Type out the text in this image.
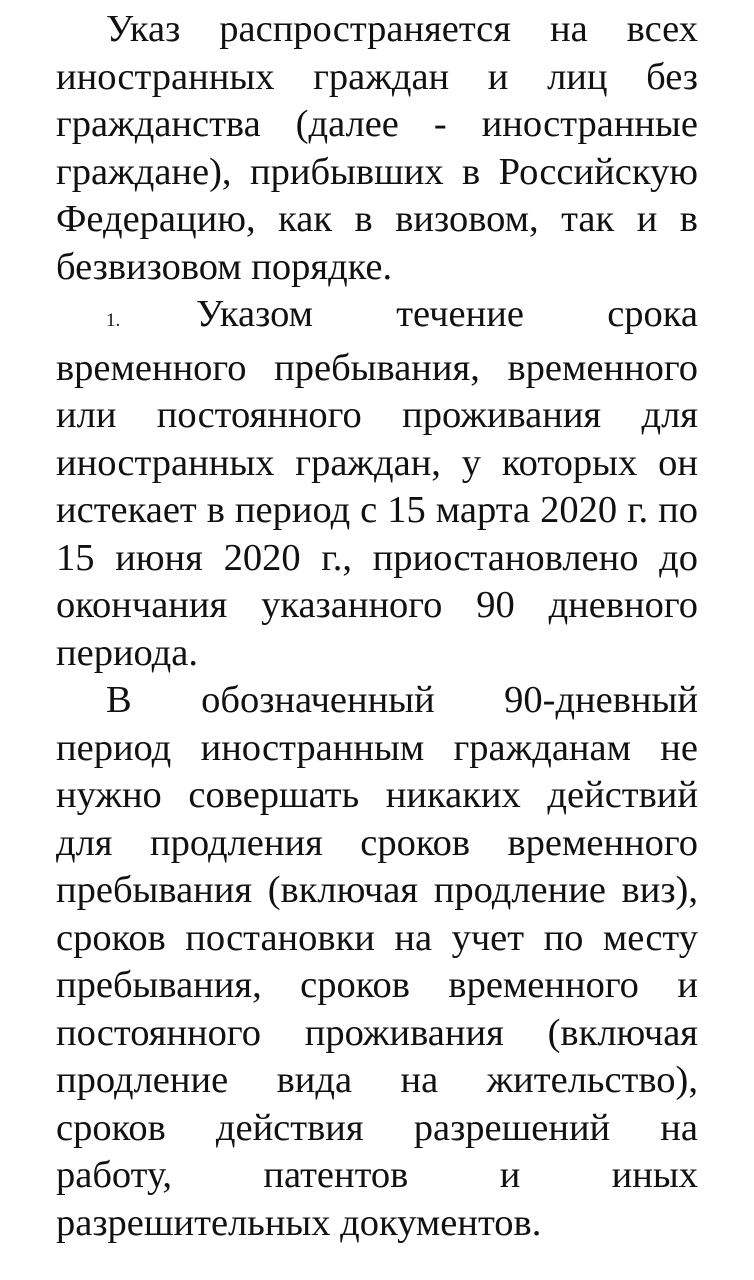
Указ распространяется на всех иностранных граждан и лиц без гражданства (далее - иностранные граждане), прибывших в Российскую Федерацию, как в визовом, так и в безвизовом порядке.

1. Указом течение срока

временного пребывания, временного или постоянного проживания для иностранных граждан, у которых он истекает в период с 15 марта 2020 г. по 15 июня 2020 г., приостановлено до окончания указанного 90 дневного периода.

В обозначенный 90-дневный период иностранным гражданам не нужно совершать никаких действий для продления сроков временного пребывания (включая продление виз), сроков постановки на учет по месту пребывания, сроков временного и постоянного проживания (включая продление вида на жительство), сроков действия разрешений на работу, патентов и иных разрешительных документов.
